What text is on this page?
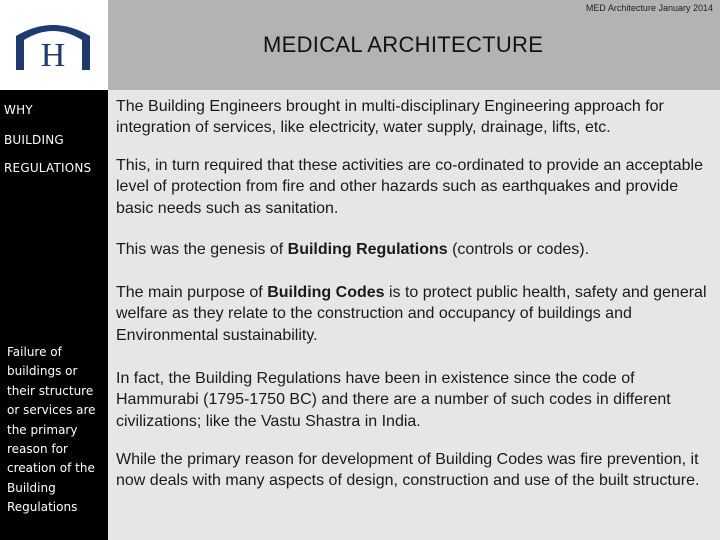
H
WHY
BUILDING
REGULATIONS
Failure of buildings or their structure or services are the primary reason for creation of the Building Regulations
MED Architecture January 2014
MEDICAL ARCHITECTURE

The Building Engineers brought in multi-disciplinary Engineering approach for integration of services, like electricity, water supply, drainage, lifts, etc.

This, in turn required that these activities are co-ordinated to provide an acceptable level of protection from fire and other hazards such as earthquakes and provide basic needs such as sanitation.

This was the genesis of Building Regulations (controls or codes).

The main purpose of Building Codes is to protect public health, safety and general welfare as they relate to the construction and occupancy of buildings and Environmental sustainability.

In fact, the Building Regulations have been in existence since the code of Hammurabi (1795-1750 BC) and there are a number of such codes in different civilizations; like the Vastu Shastra in India.

While the primary reason for development of Building Codes was fire prevention, it now deals with many aspects of design, construction and use of the built structure.
